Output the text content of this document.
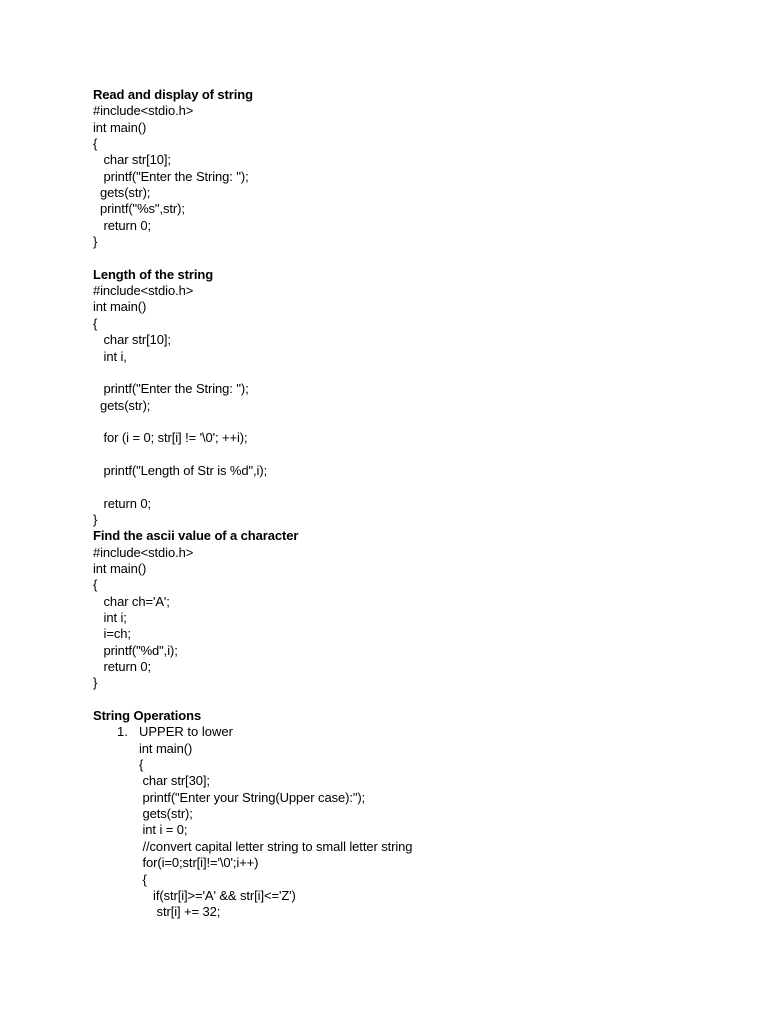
Read and display of string
#include<stdio.h>
int main()
{
char str[10];
printf("Enter the String: ");
gets(str);
printf("%s",str);
return 0;
}
Length of the string
#include<stdio.h>
int main()
{
char str[10];
int i,
printf("Enter the String: ");
gets(str);
for (i = 0; str[i] != '\0'; ++i);
printf("Length of Str is %d",i);
return 0;
}
Find the ascii value of a character
#include<stdio.h>
int main()
{
char ch='A';
int i;
i=ch;
printf("%d",i);
return 0;
}
String Operations
1. UPPER to lower
int main()
{
char str[30];
printf("Enter your String(Upper case):");
gets(str);
int i = 0;
//convert capital letter string to small letter string
for(i=0;str[i]!='\0';i++)
{
if(str[i]>='A' && str[i]<='Z')
str[i] += 32;
